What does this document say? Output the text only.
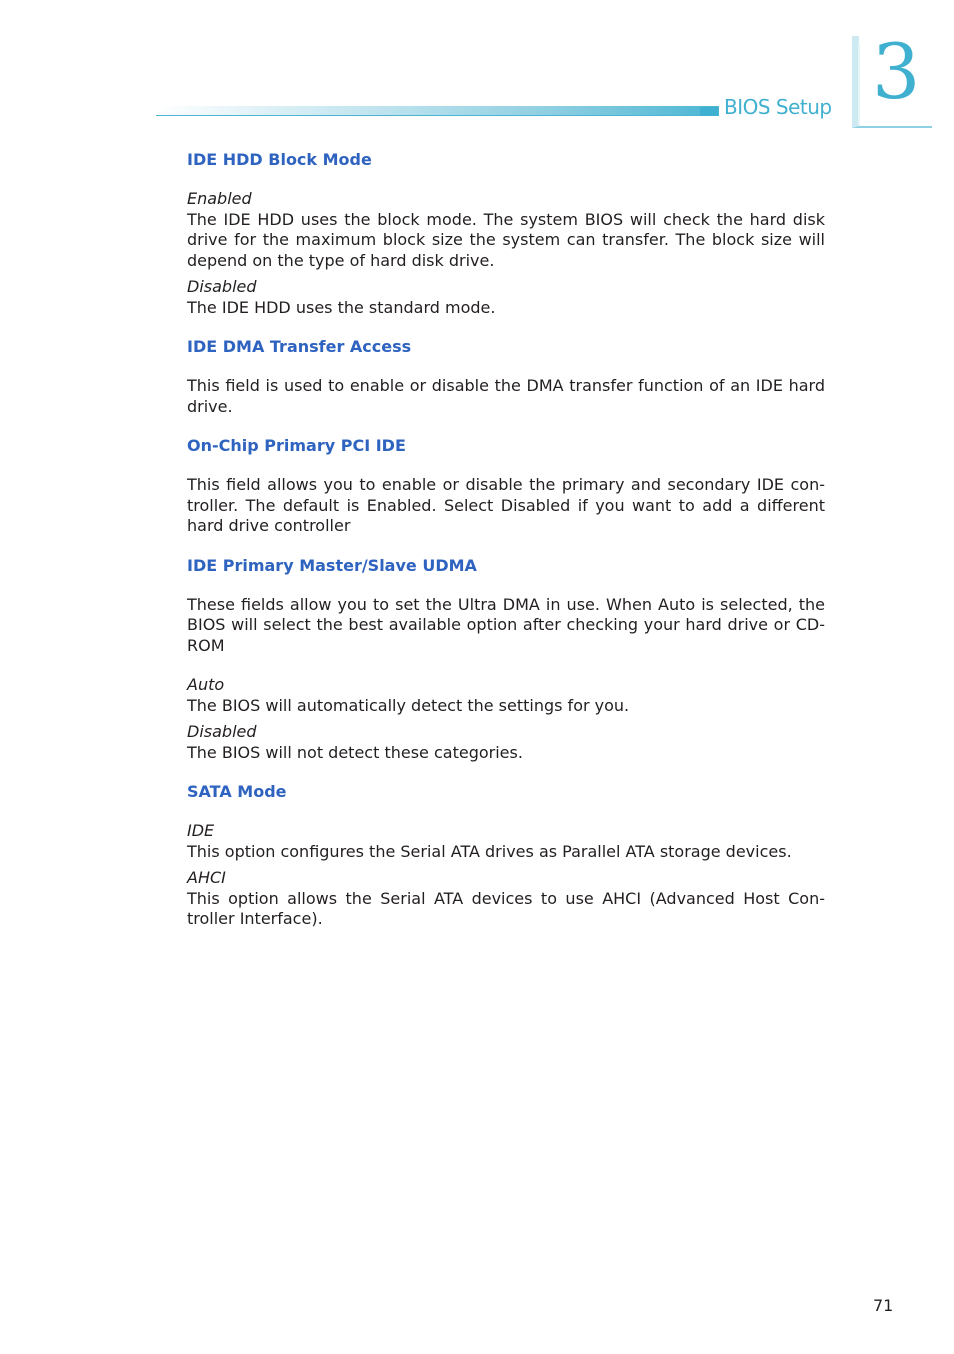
BIOS Setup 3

IDE HDD Block Mode

Enabled

The IDE HDD uses the block mode. The system BIOS will check the hard disk drive for the maximum block size the system can transfer. The block size will depend on the type of hard disk drive.

Disabled

The IDE HDD uses the standard mode.

IDE DMA Transfer Access

This field is used to enable or disable the DMA transfer function of an IDE hard drive.

On-Chip Primary PCI IDE

This field allows you to enable or disable the primary and secondary IDE controller. The default is Enabled. Select Disabled if you want to add a different hard drive controller

IDE Primary Master/Slave UDMA

These fields allow you to set the Ultra DMA in use. When Auto is selected, the BIOS will select the best available option after checking your hard drive or CD-ROM

Auto

The BIOS will automatically detect the settings for you.

Disabled

The BIOS will not detect these categories.

SATA Mode

IDE

This option configures the Serial ATA drives as Parallel ATA storage devices.

AHCI

This option allows the Serial ATA devices to use AHCI (Advanced Host Controller Interface).

71
